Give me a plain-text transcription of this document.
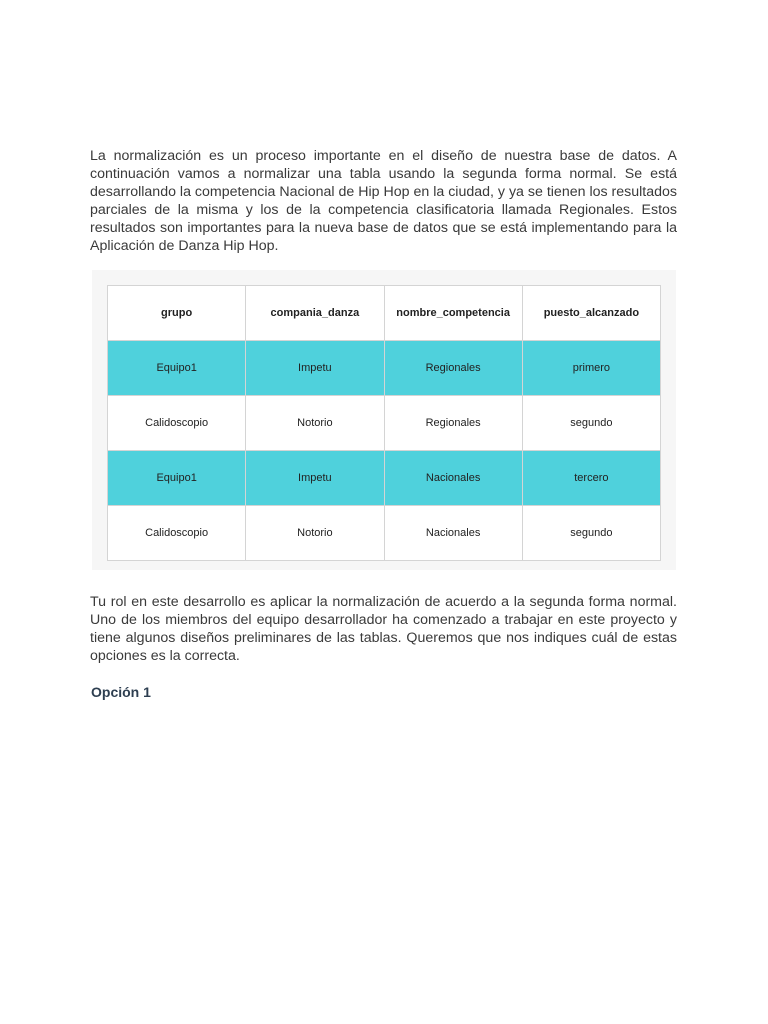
La normalización es un proceso importante en el diseño de nuestra base de datos. A continuación vamos a normalizar una tabla usando la segunda forma normal. Se está desarrollando la competencia Nacional de Hip Hop en la ciudad, y ya se tienen los resultados parciales de la misma y los de la competencia clasificatoria llamada Regionales. Estos resultados son importantes para la nueva base de datos que se está implementando para la Aplicación de Danza Hip Hop.

grupo	compania_danza	nombre_competencia	puesto_alcanzado
Equipo1	Impetu	Regionales	primero
Calidoscopio	Notorio	Regionales	segundo
Equipo1	Impetu	Nacionales	tercero
Calidoscopio	Notorio	Nacionales	segundo

Tu rol en este desarrollo es aplicar la normalización de acuerdo a la segunda forma normal. Uno de los miembros del equipo desarrollador ha comenzado a trabajar en este proyecto y tiene algunos diseños preliminares de las tablas. Queremos que nos indiques cuál de estas opciones es la correcta.

Opción 1
